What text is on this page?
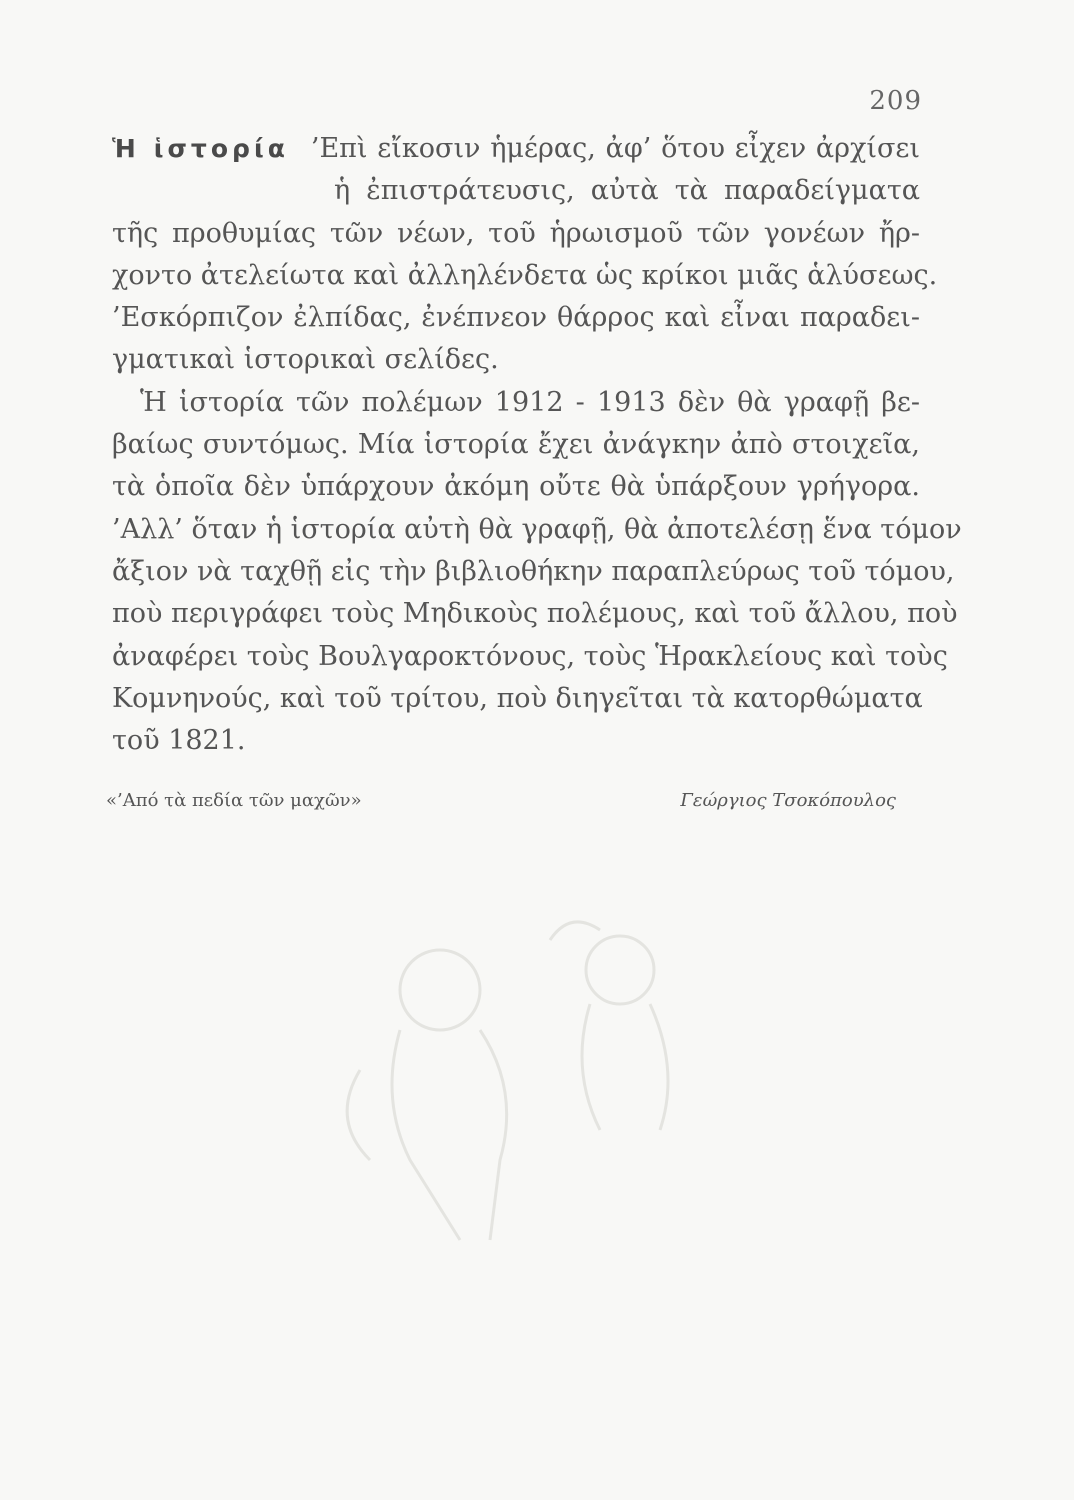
209
Ἡ ἱστορία ’Επὶ εἴκοσιν ἡμέρας, ἀφ’ ὅτου εἶχεν ἀρχίσει
ἡ ἐπιστράτευσις, αὐτὰ τὰ παραδείγματα
τῆς προθυμίας τῶν νέων, τοῦ ἡρωισμοῦ τῶν γονέων ἤρ-
χοντο ἀτελείωτα καὶ ἀλληλένδετα ὡς κρίκοι μιᾶς ἁλύσεως.
’Εσκόρπιζον ἐλπίδας, ἐνέπνεον θάρρος καὶ εἶναι παραδει-
γματικαὶ ἱστορικαὶ σελίδες.
Ἡ ἱστορία τῶν πολέμων 1912 - 1913 δὲν θὰ γραφῇ βε-
βαίως συντόμως. Μία ἱστορία ἔχει ἀνάγκην ἀπὸ στοιχεῖα,
τὰ ὁποῖα δὲν ὑπάρχουν ἀκόμη οὔτε θὰ ὑπάρξουν γρήγορα.
’Αλλ’ ὅταν ἡ ἱστορία αὐτὴ θὰ γραφῇ, θὰ ἀποτελέσῃ ἕνα τόμον
ἄξιον νὰ ταχθῇ εἰς τὴν βιβλιοθήκην παραπλεύρως τοῦ τόμου,
ποὺ περιγράφει τοὺς Μηδικοὺς πολέμους, καὶ τοῦ ἄλλου, ποὺ
ἀναφέρει τοὺς Βουλγαροκτόνους, τοὺς Ἡρακλείους καὶ τοὺς
Κομνηνούς, καὶ τοῦ τρίτου, ποὺ διηγεῖται τὰ κατορθώματα
τοῦ 1821.
«’Από τὰ πεδία τῶν μαχῶν»	Γεώργιος Τσοκόπουλος
